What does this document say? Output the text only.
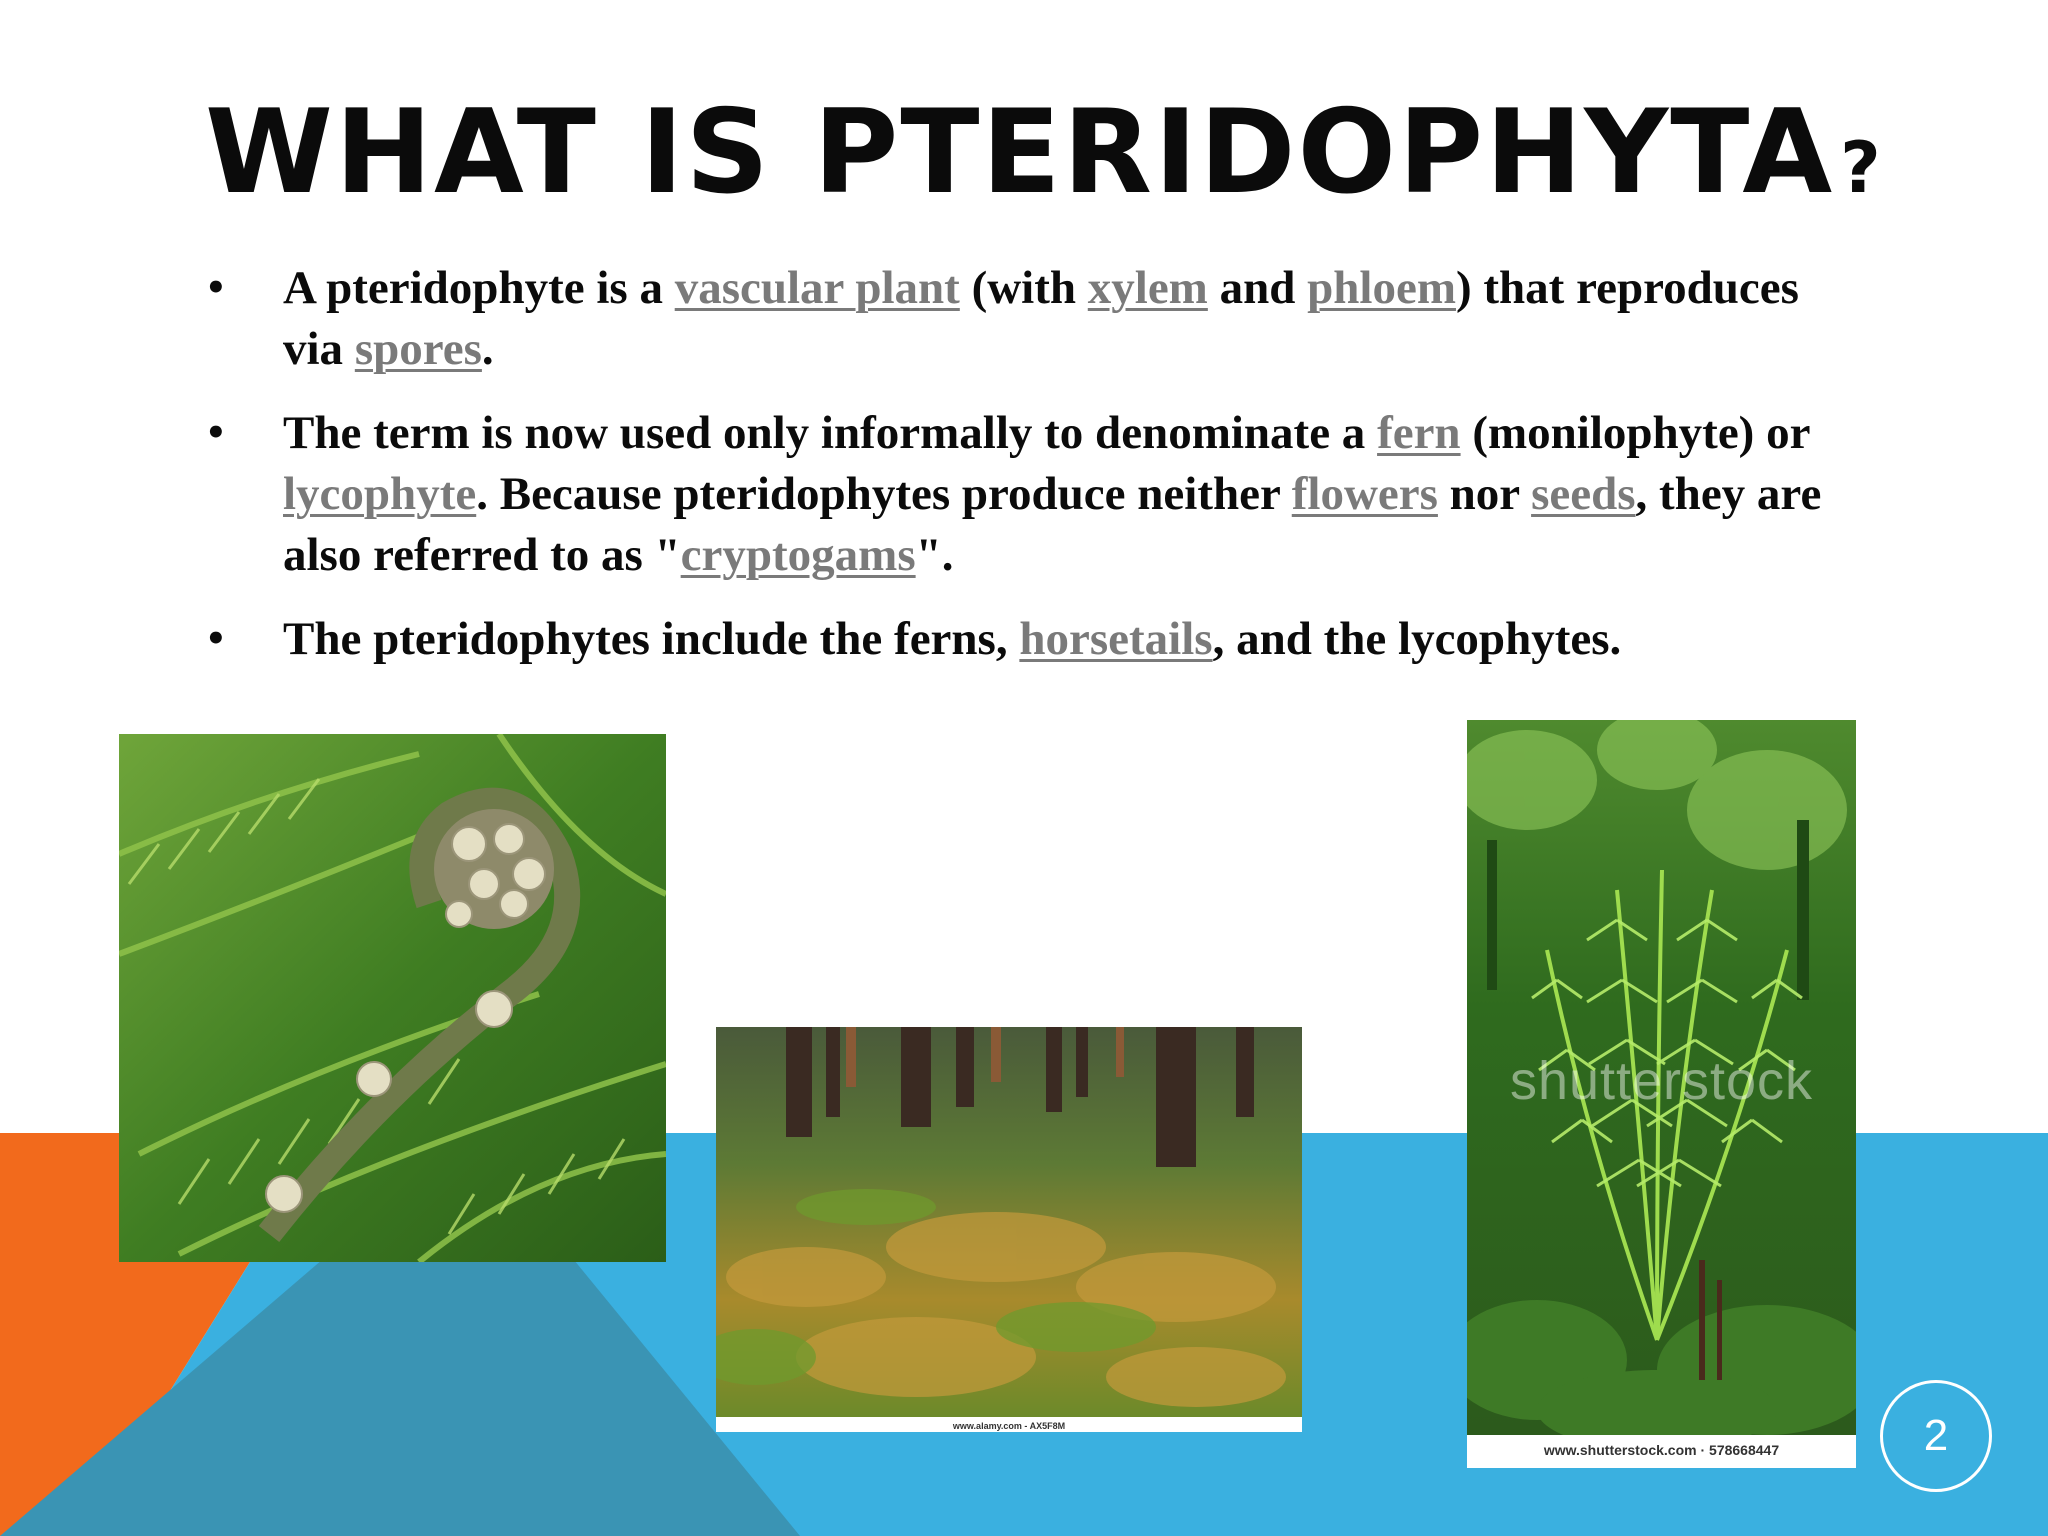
WHAT IS PTERIDOPHYTA?
• A pteridophyte is a vascular plant (with xylem and phloem) that reproduces via spores.
• The term is now used only informally to denominate a fern (monilophyte) or lycophyte. Because pteridophytes produce neither flowers nor seeds, they are also referred to as "cryptogams".
• The pteridophytes include the ferns, horsetails, and the lycophytes.
www.alamy.com - AX5F8M
shutterstock
www.shutterstock.com · 578668447	2
